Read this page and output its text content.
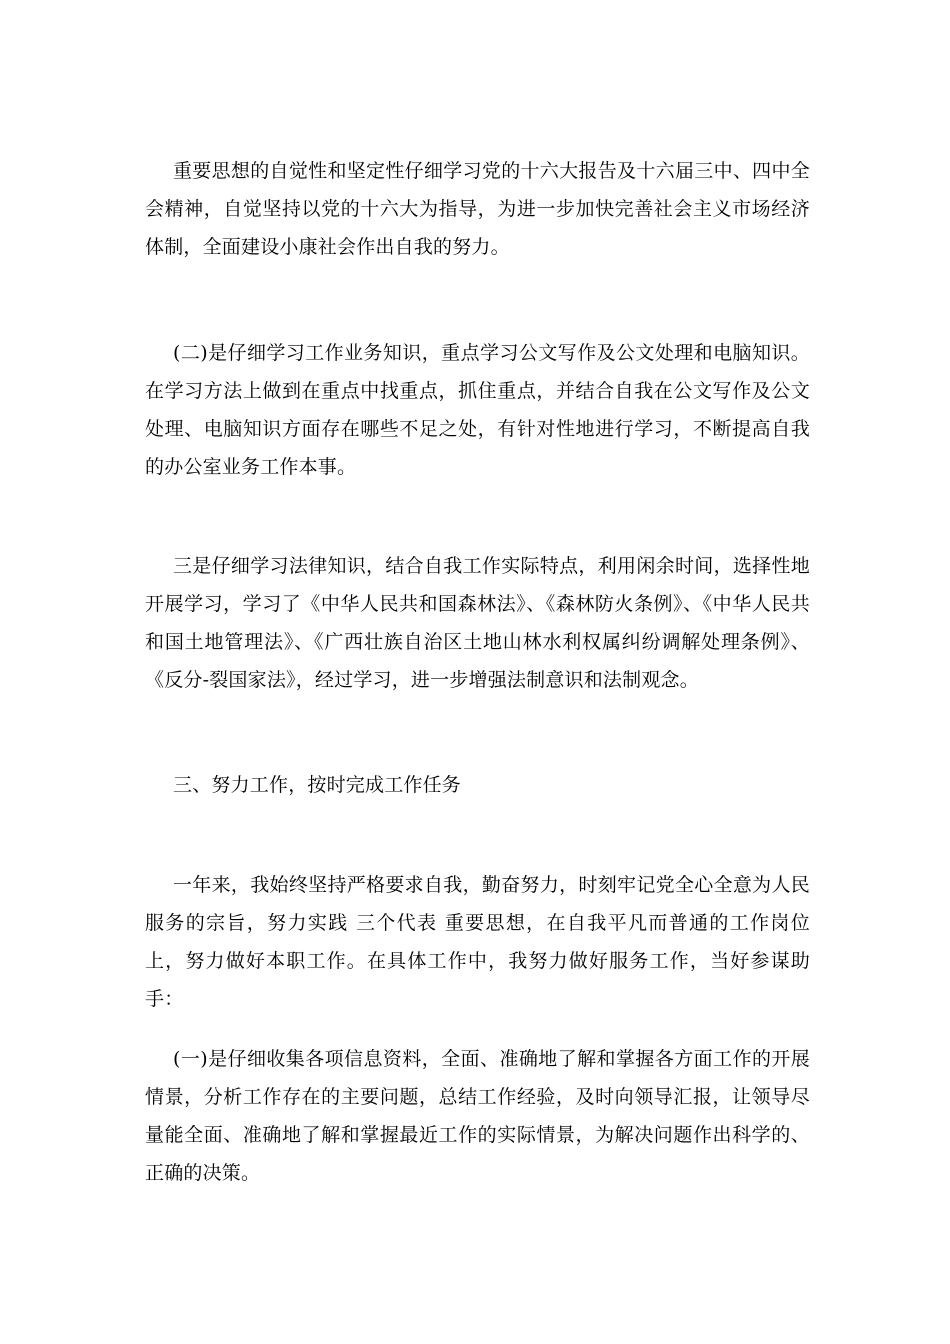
重要思想的自觉性和坚定性仔细学习党的十六大报告及十六届三中、四中全会精神，自觉坚持以党的十六大为指导，为进一步加快完善社会主义市场经济体制，全面建设小康社会作出自我的努力。

(二)是仔细学习工作业务知识，重点学习公文写作及公文处理和电脑知识。在学习方法上做到在重点中找重点，抓住重点，并结合自我在公文写作及公文处理、电脑知识方面存在哪些不足之处，有针对性地进行学习，不断提高自我的办公室业务工作本事。

三是仔细学习法律知识，结合自我工作实际特点，利用闲余时间，选择性地开展学习，学习了《中华人民共和国森林法》、《森林防火条例》、《中华人民共和国土地管理法》、《广西壮族自治区土地山林水利权属纠纷调解处理条例》、《反分-裂国家法》，经过学习，进一步增强法制意识和法制观念。

三、努力工作，按时完成工作任务

一年来，我始终坚持严格要求自我，勤奋努力，时刻牢记党全心全意为人民服务的宗旨，努力实践 三个代表 重要思想，在自我平凡而普通的工作岗位上，努力做好本职工作。在具体工作中，我努力做好服务工作，当好参谋助手：

(一)是仔细收集各项信息资料，全面、准确地了解和掌握各方面工作的开展情景，分析工作存在的主要问题，总结工作经验，及时向领导汇报，让领导尽量能全面、准确地了解和掌握最近工作的实际情景，为解决问题作出科学的、正确的决策。
